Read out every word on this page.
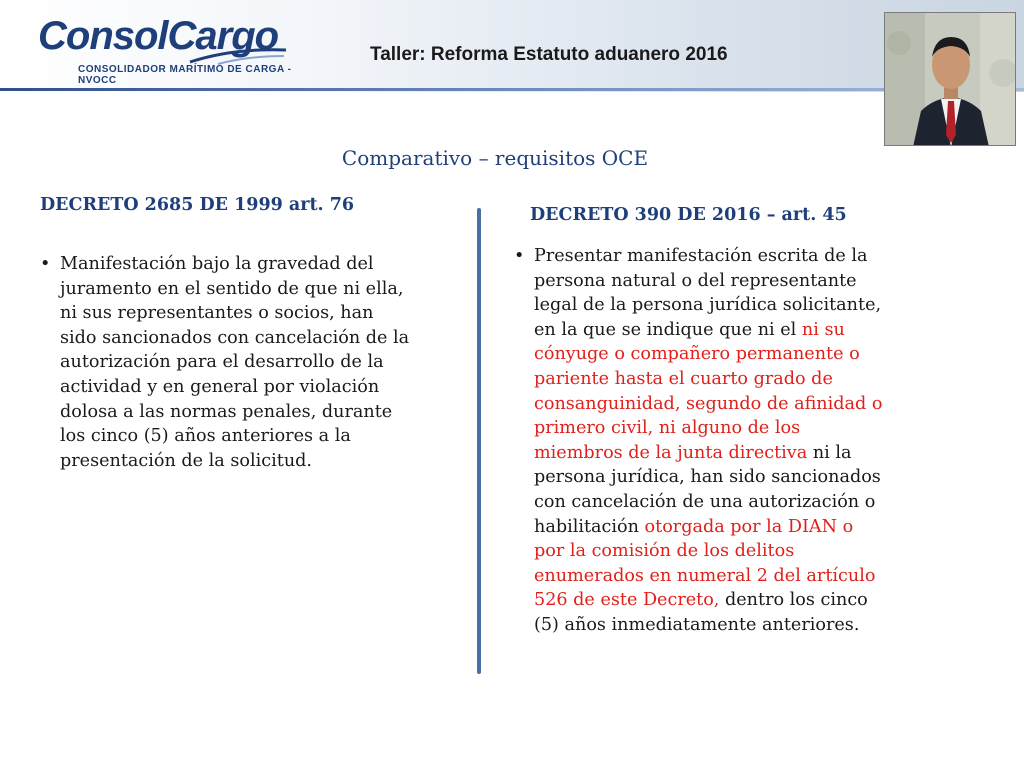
ConsolCargo
CONSOLIDADOR MARÍTIMO DE CARGA - NVOCC
Taller: Reforma Estatuto aduanero 2016
Comparativo – requisitos OCE
DECRETO 2685 DE 1999 art. 76	DECRETO 390 DE 2016 – art. 45
• Manifestación bajo la gravedad del
juramento en el sentido de que ni ella,
ni sus representantes o socios, han
sido sancionados con cancelación de la
autorización para el desarrollo de la
actividad y en general por violación
dolosa a las normas penales, durante
los cinco (5) años anteriores a la
presentación de la solicitud.
• Presentar manifestación escrita de la
persona natural o del representante
legal de la persona jurídica solicitante,
en la que se indique que ni el ni su
cónyuge o compañero permanente o
pariente hasta el cuarto grado de
consanguinidad, segundo de afinidad o
primero civil, ni alguno de los
miembros de la junta directiva ni la
persona jurídica, han sido sancionados
con cancelación de una autorización o
habilitación otorgada por la DIAN o
por la comisión de los delitos
enumerados en numeral 2 del artículo
526 de este Decreto, dentro los cinco
(5) años inmediatamente anteriores.
